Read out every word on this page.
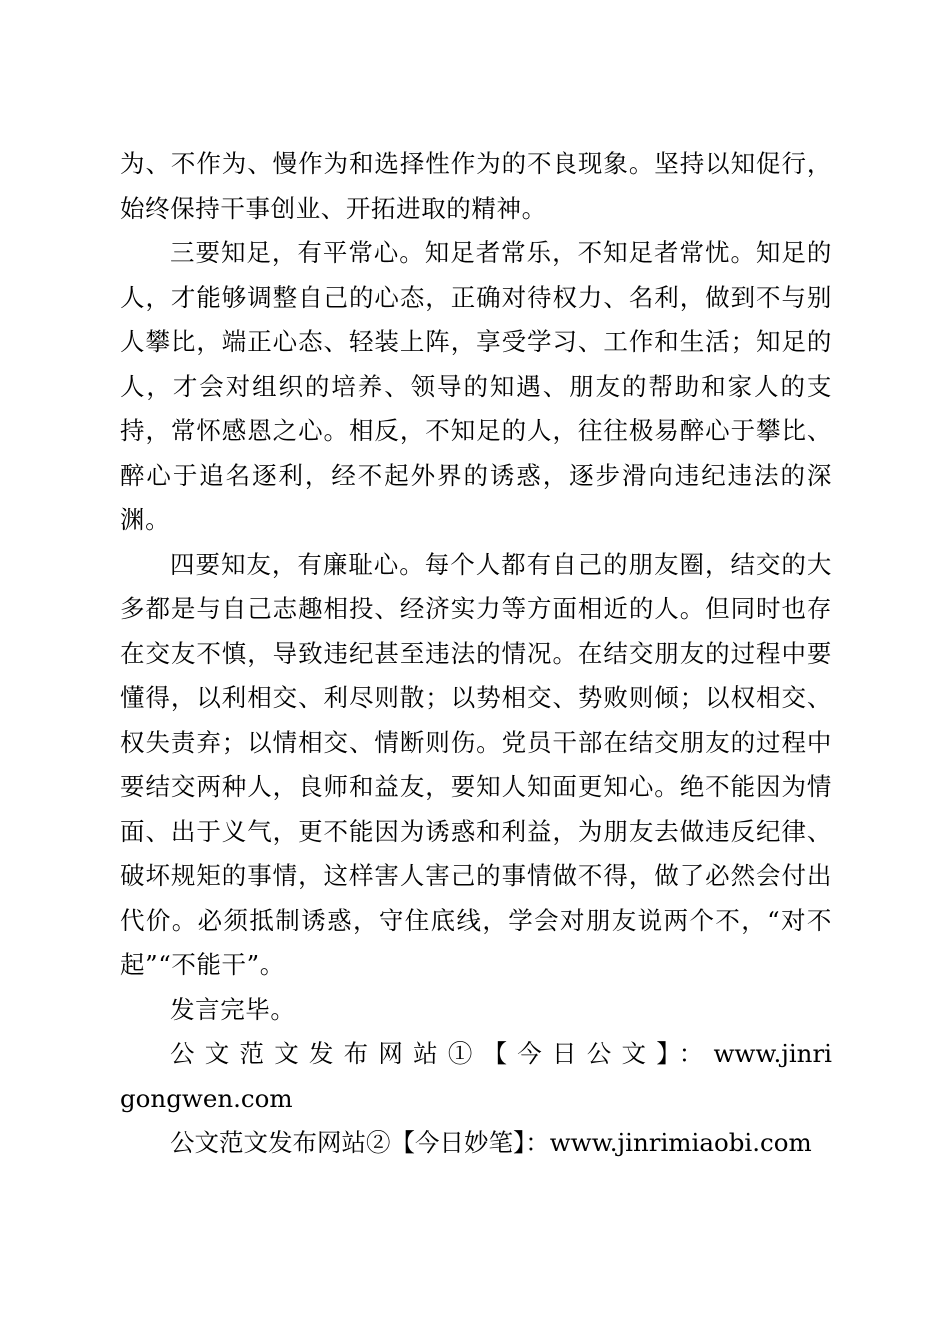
为、不作为、慢作为和选择性作为的不良现象。坚持以知促行，始终保持干事创业、开拓进取的精神。

三要知足，有平常心。知足者常乐，不知足者常忧。知足的人，才能够调整自己的心态，正确对待权力、名利，做到不与别人攀比，端正心态、轻装上阵，享受学习、工作和生活；知足的人，才会对组织的培养、领导的知遇、朋友的帮助和家人的支持，常怀感恩之心。相反，不知足的人，往往极易醉心于攀比、醉心于追名逐利，经不起外界的诱惑，逐步滑向违纪违法的深渊。

四要知友，有廉耻心。每个人都有自己的朋友圈，结交的大多都是与自己志趣相投、经济实力等方面相近的人。但同时也存在交友不慎，导致违纪甚至违法的情况。在结交朋友的过程中要懂得，以利相交、利尽则散；以势相交、势败则倾；以权相交、权失责弃；以情相交、情断则伤。党员干部在结交朋友的过程中要结交两种人，良师和益友，要知人知面更知心。绝不能因为情面、出于义气，更不能因为诱惑和利益，为朋友去做违反纪律、破坏规矩的事情，这样害人害己的事情做不得，做了必然会付出代价。必须抵制诱惑，守住底线，学会对朋友说两个不，“对不起”“不能干”。

发言完毕。

公文范文发布网站①【今日公文】：www.jinrigongwen.com

公文范文发布网站②【今日妙笔】：www.jinrimiaobi.com
